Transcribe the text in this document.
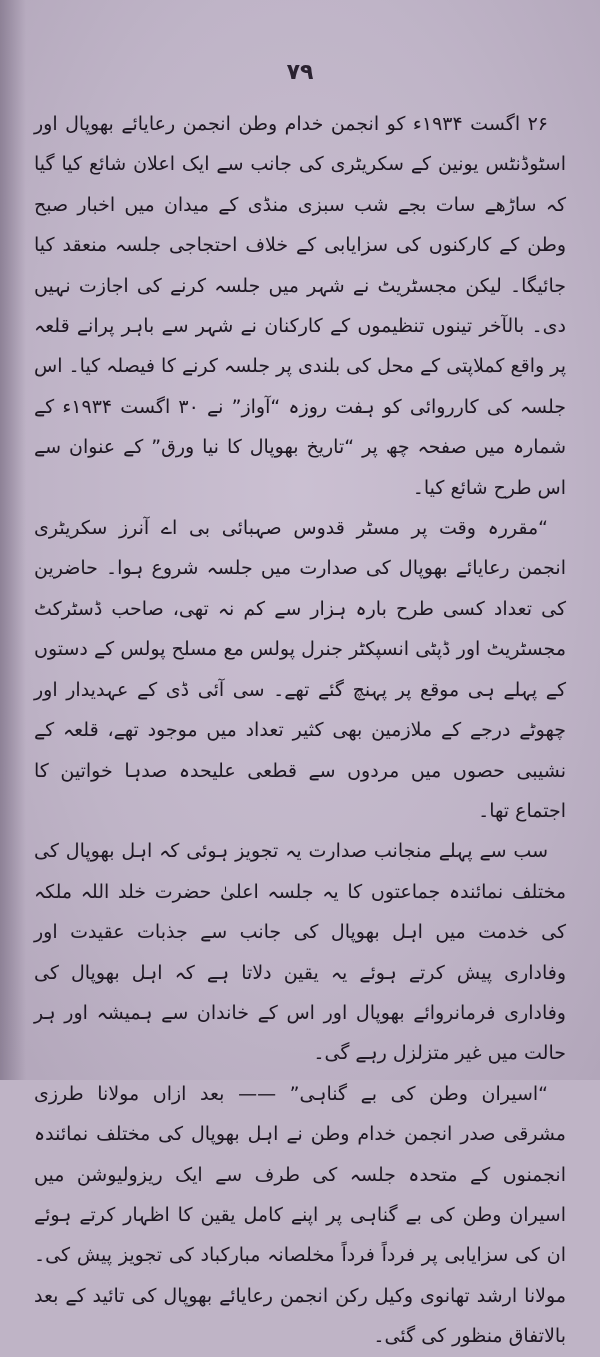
٧٩

۲۶ اگست ۱۹۳۴ء کو انجمن خدام وطن انجمن رعایائے بھوپال اور اسٹوڈنٹس یونین کے سکریٹری کی جانب سے ایک اعلان شائع کیا گیا کہ ساڑھے سات بجے شب سبزی منڈی کے میدان میں اخبار صبح وطن کے کارکنوں کی سزایابی کے خلاف احتجاجی جلسہ منعقد کیا جائیگا۔ لیکن مجسٹریٹ نے شہر میں جلسہ کرنے کی اجازت نہیں دی۔ بالآخر تینوں تنظیموں کے کارکنان نے شہر سے باہر پرانے قلعہ پر واقع کملاپتی کے محل کی بلندی پر جلسہ کرنے کا فیصلہ کیا۔ اس جلسہ کی کارروائی کو ہفت روزہ “آواز” نے ۳۰ اگست ۱۹۳۴ء کے شمارہ میں صفحہ چھ پر “تاریخ بھوپال کا نیا ورق” کے عنوان سے اس طرح شائع کیا۔

“مقررہ وقت پر مسٹر قدوس صہبائی بی اے آنرز سکریٹری انجمن رعایائے بھوپال کی صدارت میں جلسہ شروع ہوا۔ حاضرین کی تعداد کسی طرح بارہ ہزار سے کم نہ تھی، صاحب ڈسٹرکٹ مجسٹریٹ اور ڈپٹی انسپکٹر جنرل پولس مع مسلح پولس کے دستوں کے پہلے ہی موقع پر پہنچ گئے تھے۔ سی آئی ڈی کے عہدیدار اور چھوٹے درجے کے ملازمین بھی کثیر تعداد میں موجود تھے، قلعہ کے نشیبی حصوں میں مردوں سے قطعی علیحدہ صدہا خواتین کا اجتماع تھا۔

سب سے پہلے منجانب صدارت یہ تجویز ہوئی کہ اہل بھوپال کی مختلف نمائندہ جماعتوں کا یہ جلسہ اعلیٰ حضرت خلد اللہ ملکہ کی خدمت میں اہل بھوپال کی جانب سے جذبات عقیدت اور وفاداری پیش کرتے ہوئے یہ یقین دلاتا ہے کہ اہل بھوپال کی وفاداری فرمانروائے بھوپال اور اس کے خاندان سے ہمیشہ اور ہر حالت میں غیر متزلزل رہے گی۔

“اسیران وطن کی بے گناہی” —— بعد ازاں مولانا طرزی مشرقی صدر انجمن خدام وطن نے اہل بھوپال کی مختلف نمائندہ انجمنوں کے متحدہ جلسہ کی طرف سے ایک ریزولیوشن میں اسیران وطن کی بے گناہی پر اپنے کامل یقین کا اظہار کرتے ہوئے ان کی سزایابی پر فرداً فرداً مخلصانہ مبارکباد کی تجویز پیش کی۔ مولانا ارشد تھانوی وکیل رکن انجمن رعایائے بھوپال کی تائید کے بعد بالاتفاق منظور کی گئی۔
